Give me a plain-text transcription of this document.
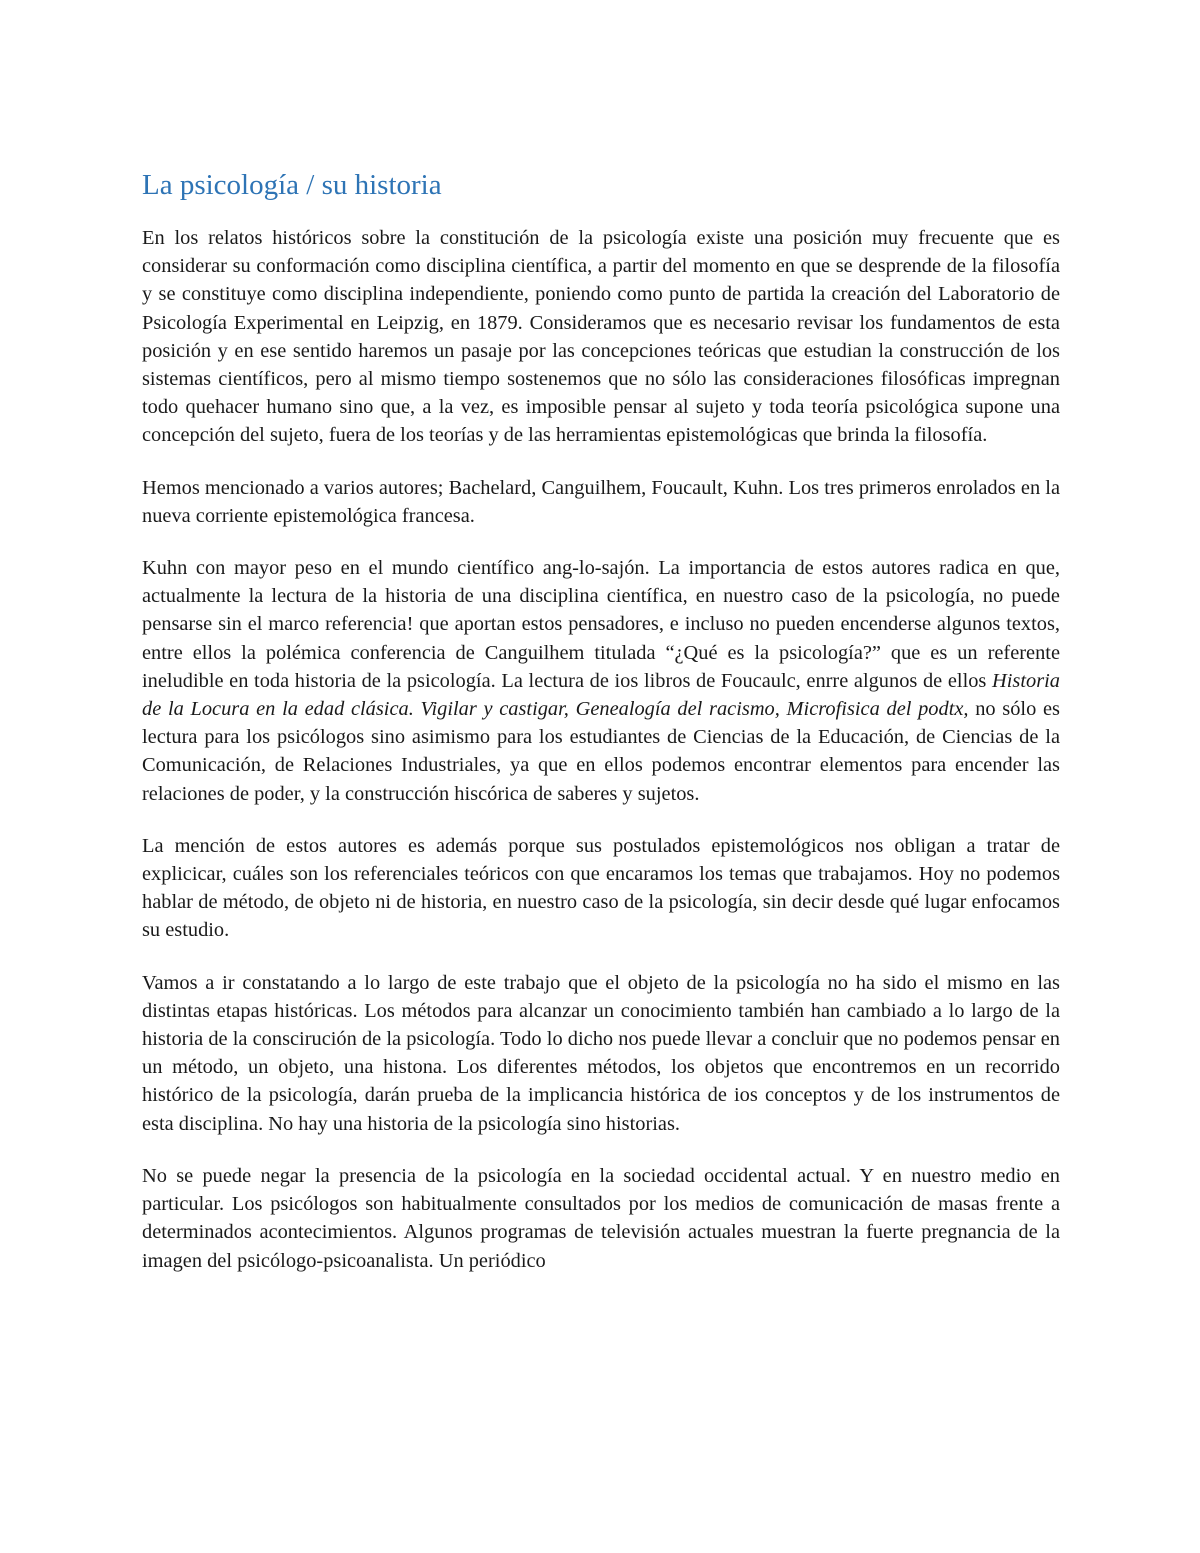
La psicología / su historia

En los relatos históricos sobre la constitución de la psicología existe una posición muy frecuente que es considerar su conformación como disciplina científica, a partir del momento en que se desprende de la filosofía y se constituye como disciplina independiente, poniendo como punto de partida la creación del Laboratorio de Psicología Experimental en Leipzig, en 1879. Consideramos que es necesario revisar los fundamentos de esta posición y en ese sentido haremos un pasaje por las concepciones teóricas que estudian la construcción de los sistemas científicos, pero al mismo tiempo sostenemos que no sólo las consideraciones filosóficas impregnan todo quehacer humano sino que, a la vez, es imposible pensar al sujeto y toda teoría psicológica supone una concepción del sujeto, fuera de los teorías y de las herramientas epistemológicas que brinda la filosofía.

Hemos mencionado a varios autores; Bachelard, Canguilhem, Foucault, Kuhn. Los tres primeros enrolados en la nueva corriente epistemológica francesa.

Kuhn con mayor peso en el mundo científico ang-lo-sajón. La importancia de estos autores radica en que, actualmente la lectura de la historia de una disciplina científica, en nuestro caso de la psicología, no puede pensarse sin el marco referencia! que aportan estos pensadores, e incluso no pueden encenderse algunos textos, entre ellos la polémica conferencia de Canguilhem titulada “¿Qué es la psicología?” que es un referente ineludible en toda historia de la psicología. La lectura de ios libros de Foucaulc, enrre algunos de ellos Historia de la Locura en la edad clásica. Vigilar y castigar, Genealogía del racismo, Microfisica del podtx, no sólo es lectura para los psicólogos sino asimismo para los estudiantes de Ciencias de la Educación, de Ciencias de la Comunicación, de Relaciones Industriales, ya que en ellos podemos encontrar elementos para encender las relaciones de poder, y la construcción hiscórica de saberes y sujetos.

La mención de estos autores es además porque sus postulados epistemológicos nos obligan a tratar de explicicar, cuáles son los referenciales teóricos con que encaramos los temas que trabajamos. Hoy no podemos hablar de método, de objeto ni de historia, en nuestro caso de la psicología, sin decir desde qué lugar enfocamos su estudio.

Vamos a ir constatando a lo largo de este trabajo que el objeto de la psicología no ha sido el mismo en las distintas etapas históricas. Los métodos para alcanzar un conocimiento también han cambiado a lo largo de la historia de la conscirución de la psicología. Todo lo dicho nos puede llevar a concluir que no podemos pensar en un método, un objeto, una histona. Los diferentes métodos, los objetos que encontremos en un recorrido histórico de la psicología, darán prueba de la implicancia histórica de ios conceptos y de los instrumentos de esta disciplina. No hay una historia de la psicología sino historias.

No se puede negar la presencia de la psicología en la sociedad occidental actual. Y en nuestro medio en particular. Los psicólogos son habitualmente consultados por los medios de comunicación de masas frente a determinados acontecimientos. Algunos programas de televisión actuales muestran la fuerte pregnancia de la imagen del psicólogo-psicoanalista. Un periódico
